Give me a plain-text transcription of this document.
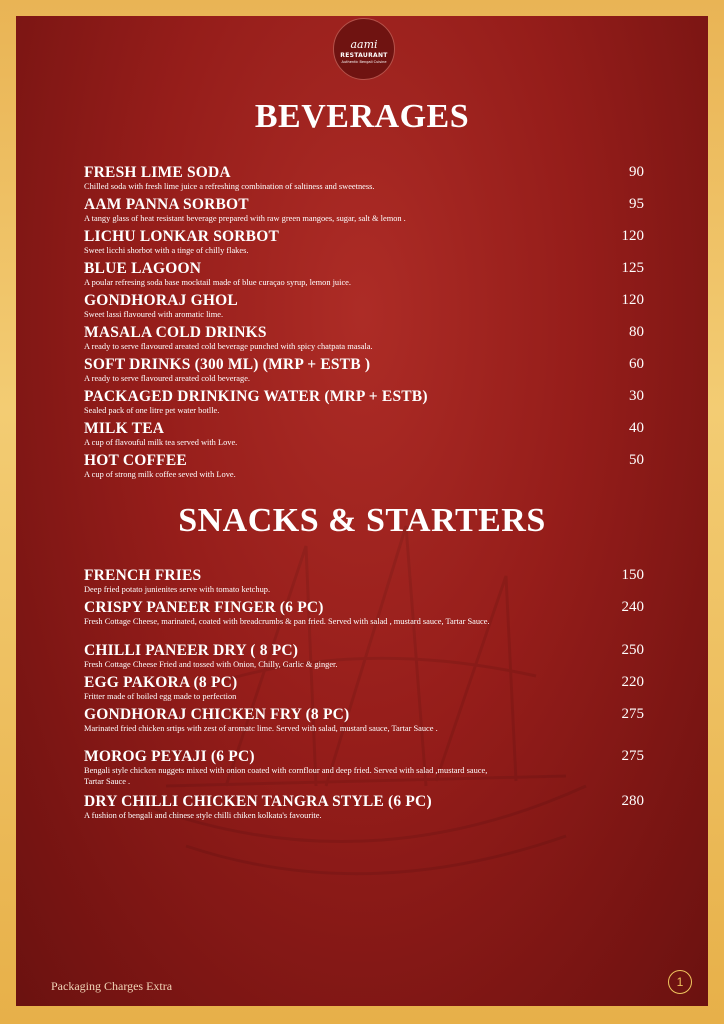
aami
RESTAURANT
Authentic Bengali Cuisine
BEVERAGES
FRESH LIME SODA	90
Chilled soda with fresh lime juice a refreshing combination of saltiness and sweetness.
AAM PANNA SORBOT	95
A tangy glass of heat resistant beverage prepared with raw green mangoes, sugar, salt & lemon .
LICHU LONKAR SORBOT	120
Sweet licchi shorbot with a tinge of chilly flakes.
BLUE LAGOON	125
A poular refresing soda base mocktail made of blue curaçao syrup, lemon juice.
GONDHORAJ GHOL	120
Sweet lassi flavoured with aromatic lime.
MASALA COLD DRINKS	80
A ready to serve flavoured areated cold beverage punched with spicy chatpata masala.
SOFT DRINKS (300 ML) (MRP + ESTB )	60
A ready to serve flavoured areated cold beverage.
PACKAGED DRINKING WATER (MRP + ESTB)	30
Sealed pack of one litre pet water botlle.
MILK TEA	40
A cup of flavouful milk tea served with Love.
HOT COFFEE	50
A cup of strong milk coffee seved with Love.
SNACKS & STARTERS
FRENCH FRIES	150
Deep fried potato junienites serve with tomato ketchup.
CRISPY PANEER FINGER (6 PC)	240
Fresh Cottage Cheese, marinated, coated with breadcrumbs & pan fried. Served with salad , mustard sauce, Tartar Sauce.
CHILLI PANEER DRY ( 8 PC)	250
Fresh Cottage Cheese Fried and tossed with Onion, Chilly, Garlic & ginger.
EGG PAKORA (8 PC)	220
Fritter made of boiled egg made to perfection
GONDHORAJ CHICKEN FRY (8 PC)	275
Marinated fried chicken srtips with zest of aromatc lime. Served with salad, mustard sauce, Tartar Sauce .
MOROG PEYAJI (6 PC)	275
Bengali style chicken nuggets mixed with onion coated with cornflour and deep fried. Served with salad ,mustard sauce, Tartar Sauce .
DRY CHILLI CHICKEN TANGRA STYLE (6 PC)	280
A fushion of bengali and chinese style chilli chiken kolkata's favourite.
Packaging Charges Extra	1
